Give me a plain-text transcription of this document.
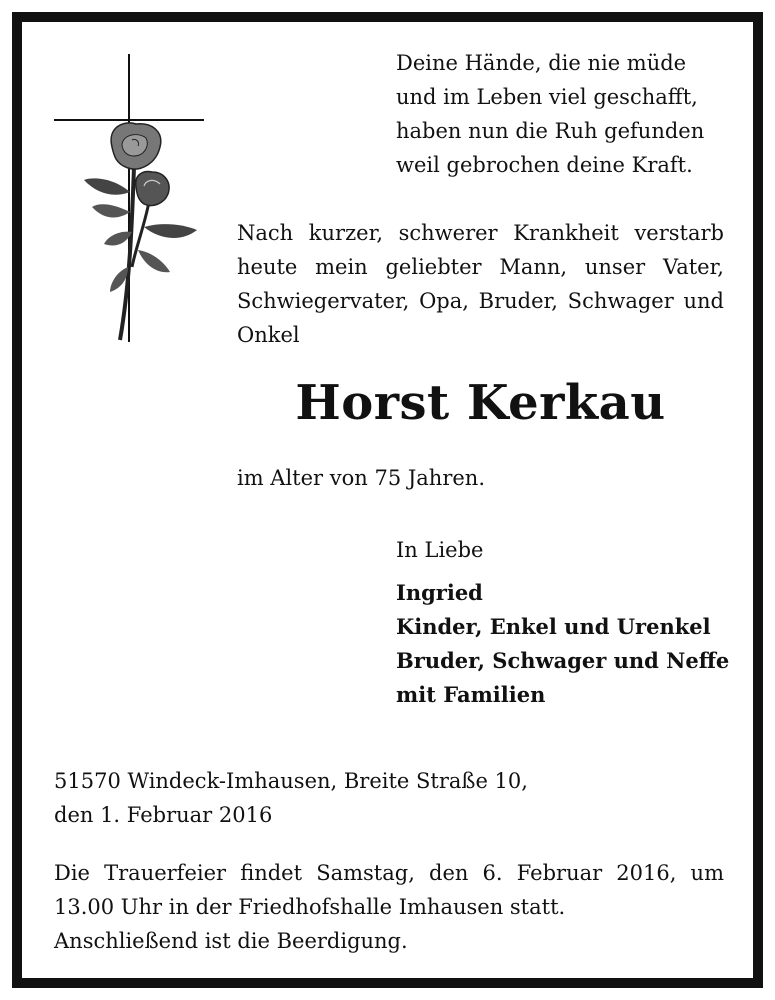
Deine Hände, die nie müde
und im Leben viel geschafft,
haben nun die Ruh gefunden
weil gebrochen deine Kraft.
Nach kurzer, schwerer Krankheit verstarb
heute mein geliebter Mann, unser Vater,
Schwiegervater, Opa, Bruder, Schwager und
Onkel
Horst Kerkau
im Alter von 75 Jahren.
In Liebe
Ingried
Kinder, Enkel und Urenkel
Bruder, Schwager und Neffe
mit Familien
51570 Windeck-Imhausen, Breite Straße 10,
den 1. Februar 2016
Die Trauerfeier findet Samstag, den 6. Februar 2016, um
13.00 Uhr in der Friedhofshalle Imhausen statt.
Anschließend ist die Beerdigung.
